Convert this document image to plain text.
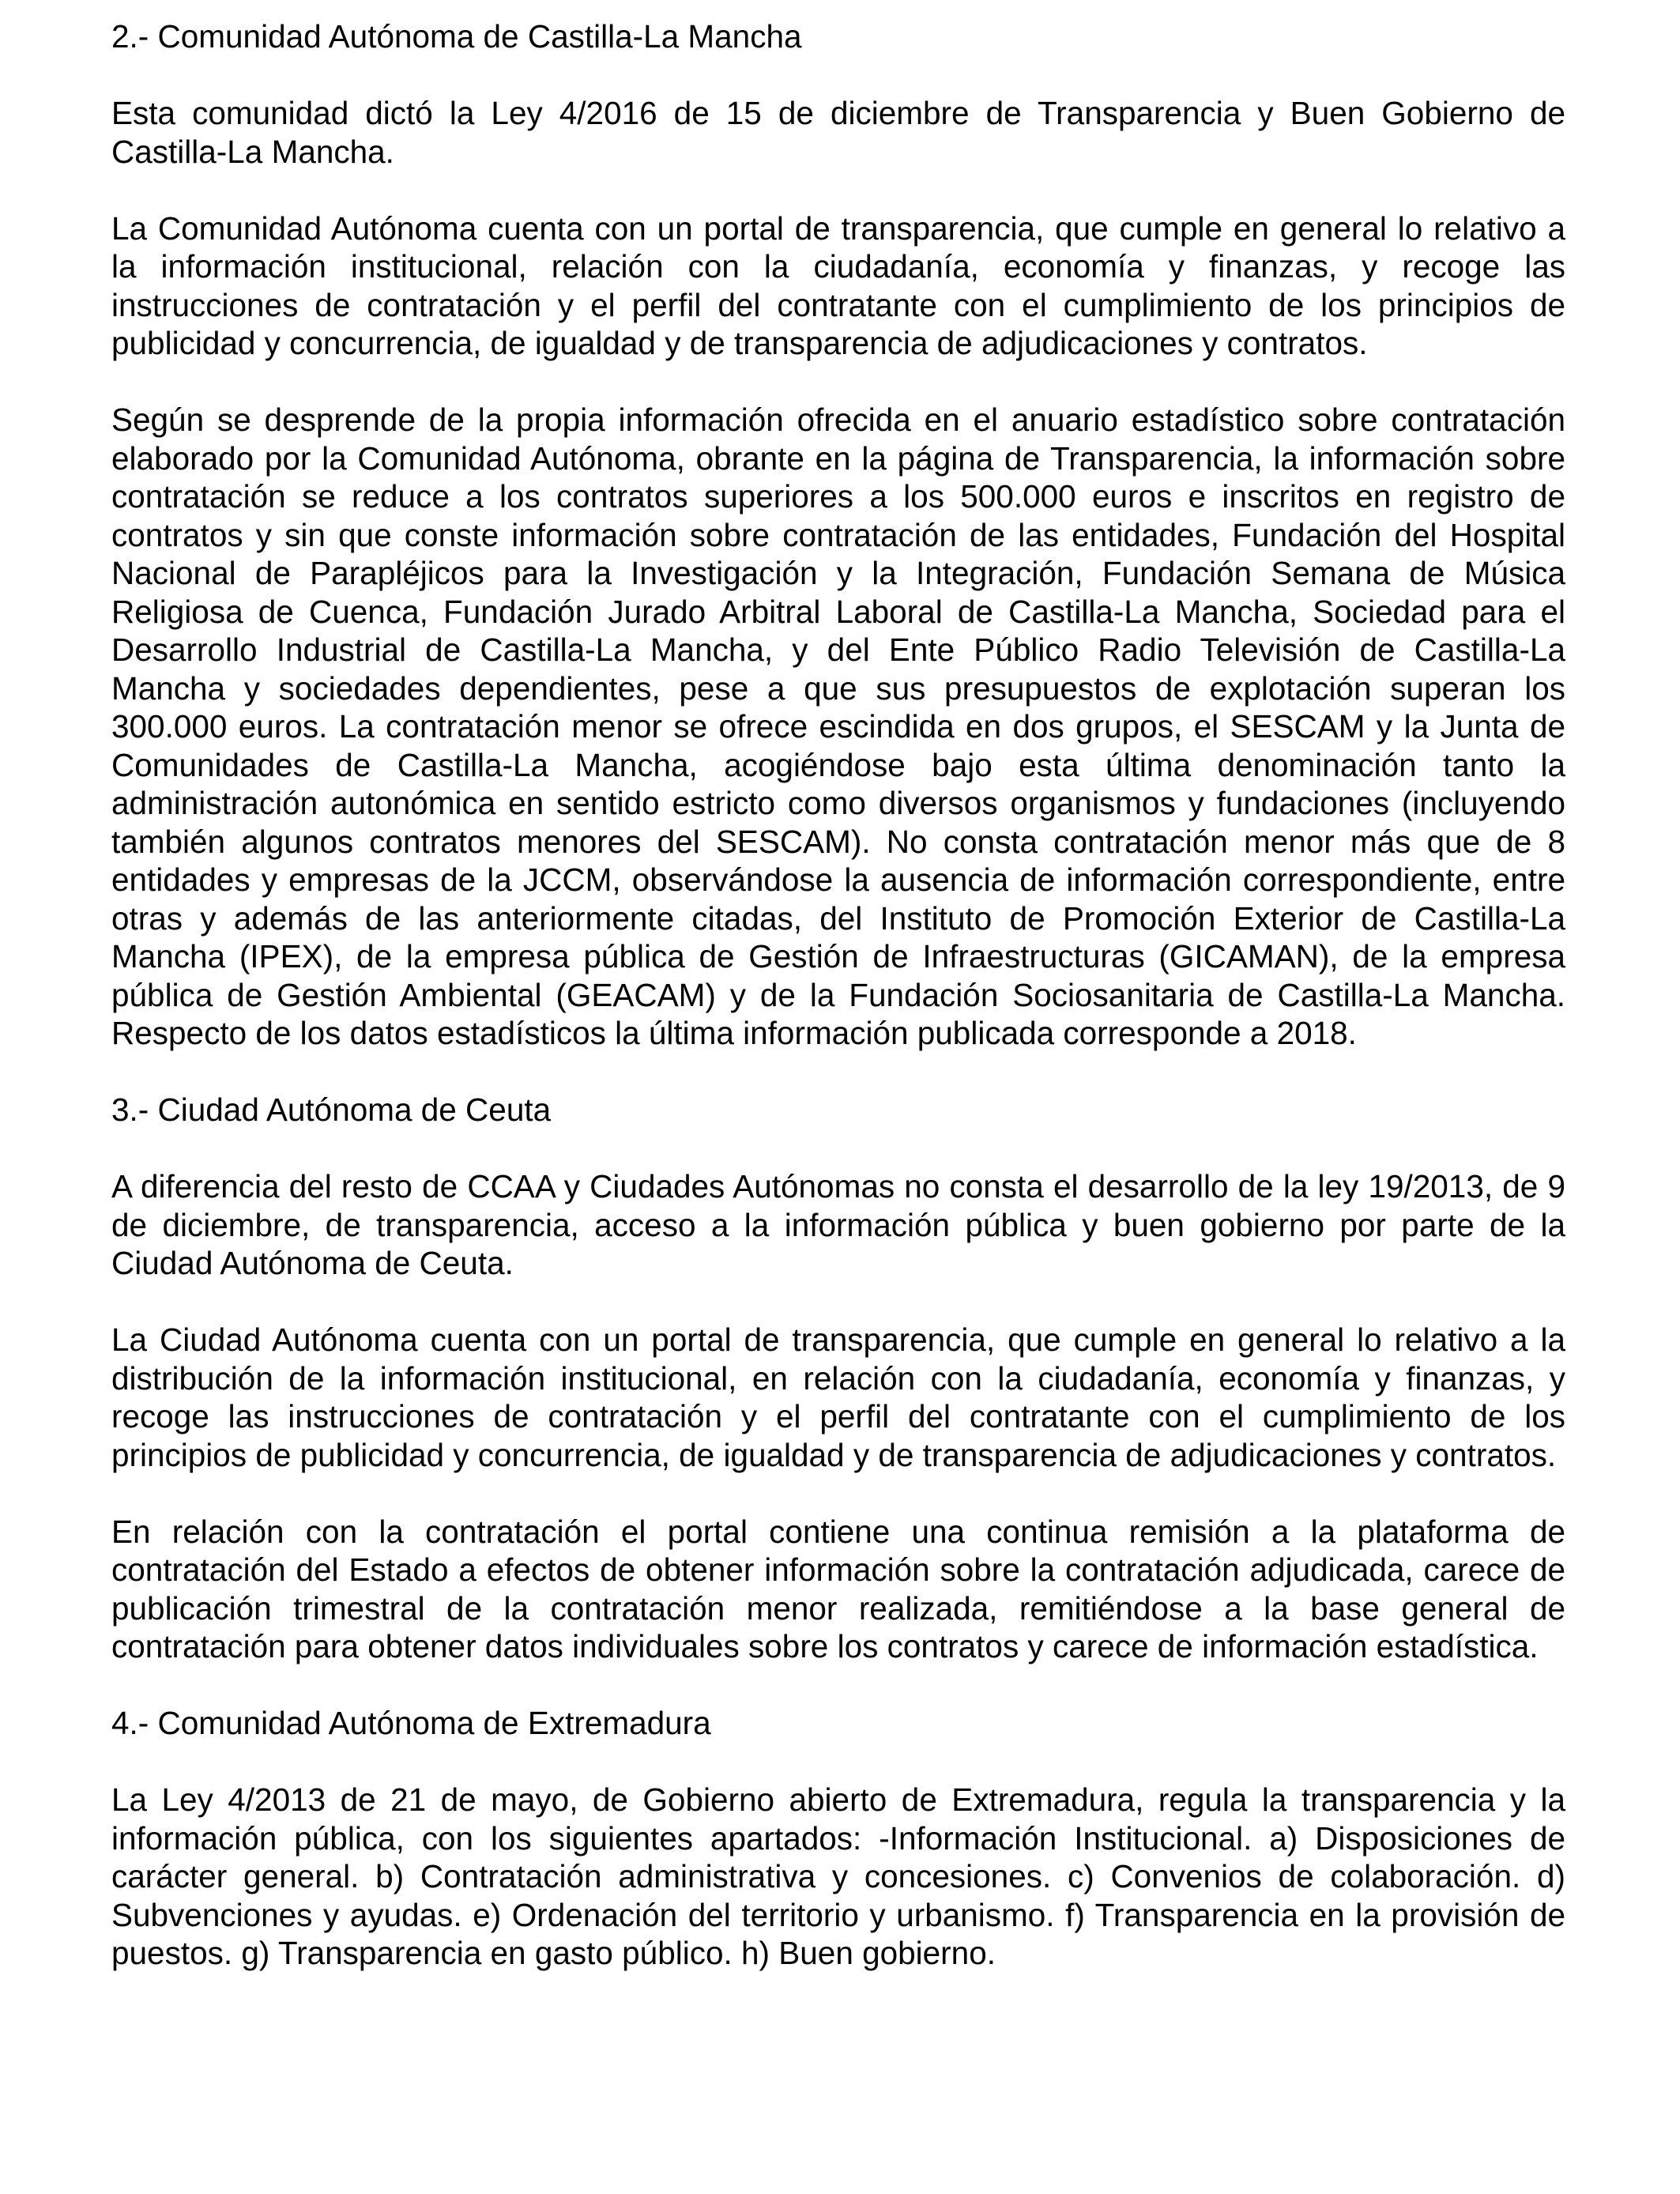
2.- Comunidad Autónoma de Castilla-La Mancha

Esta comunidad dictó la Ley 4/2016 de 15 de diciembre de Transparencia y Buen Gobierno de Castilla-La Mancha.

La Comunidad Autónoma cuenta con un portal de transparencia, que cumple en general lo relativo a la información institucional, relación con la ciudadanía, economía y finanzas, y recoge las instrucciones de contratación y el perfil del contratante con el cumplimiento de los principios de publicidad y concurrencia, de igualdad y de transparencia de adjudicaciones y contratos.

Según se desprende de la propia información ofrecida en el anuario estadístico sobre contratación elaborado por la Comunidad Autónoma, obrante en la página de Transparencia, la información sobre contratación se reduce a los contratos superiores a los 500.000 euros e inscritos en registro de contratos y sin que conste información sobre contratación de las entidades, Fundación del Hospital Nacional de Parapléjicos para la Investigación y la Integración, Fundación Semana de Música Religiosa de Cuenca, Fundación Jurado Arbitral Laboral de Castilla-La Mancha, Sociedad para el Desarrollo Industrial de Castilla-La Mancha, y del Ente Público Radio Televisión de Castilla-La Mancha y sociedades dependientes, pese a que sus presupuestos de explotación superan los 300.000 euros. La contratación menor se ofrece escindida en dos grupos, el SESCAM y la Junta de Comunidades de Castilla-La Mancha, acogiéndose bajo esta última denominación tanto la administración autonómica en sentido estricto como diversos organismos y fundaciones (incluyendo también algunos contratos menores del SESCAM). No consta contratación menor más que de 8 entidades y empresas de la JCCM, observándose la ausencia de información correspondiente, entre otras y además de las anteriormente citadas, del Instituto de Promoción Exterior de Castilla-La Mancha (IPEX), de la empresa pública de Gestión de Infraestructuras (GICAMAN), de la empresa pública de Gestión Ambiental (GEACAM) y de la Fundación Sociosanitaria de Castilla-La Mancha. Respecto de los datos estadísticos la última información publicada corresponde a 2018.

3.- Ciudad Autónoma de Ceuta

A diferencia del resto de CCAA y Ciudades Autónomas no consta el desarrollo de la ley 19/2013, de 9 de diciembre, de transparencia, acceso a la información pública y buen gobierno por parte de la Ciudad Autónoma de Ceuta.

La Ciudad Autónoma cuenta con un portal de transparencia, que cumple en general lo relativo a la distribución de la información institucional, en relación con la ciudadanía, economía y finanzas, y recoge las instrucciones de contratación y el perfil del contratante con el cumplimiento de los principios de publicidad y concurrencia, de igualdad y de transparencia de adjudicaciones y contratos.

En relación con la contratación el portal contiene una continua remisión a la plataforma de contratación del Estado a efectos de obtener información sobre la contratación adjudicada, carece de publicación trimestral de la contratación menor realizada, remitiéndose a la base general de contratación para obtener datos individuales sobre los contratos y carece de información estadística.

4.- Comunidad Autónoma de Extremadura

La Ley 4/2013 de 21 de mayo, de Gobierno abierto de Extremadura, regula la transparencia y la información pública, con los siguientes apartados: -Información Institucional. a) Disposiciones de carácter general. b) Contratación administrativa y concesiones. c) Convenios de colaboración. d) Subvenciones y ayudas. e) Ordenación del territorio y urbanismo. f) Transparencia en la provisión de puestos. g) Transparencia en gasto público. h) Buen gobierno.
